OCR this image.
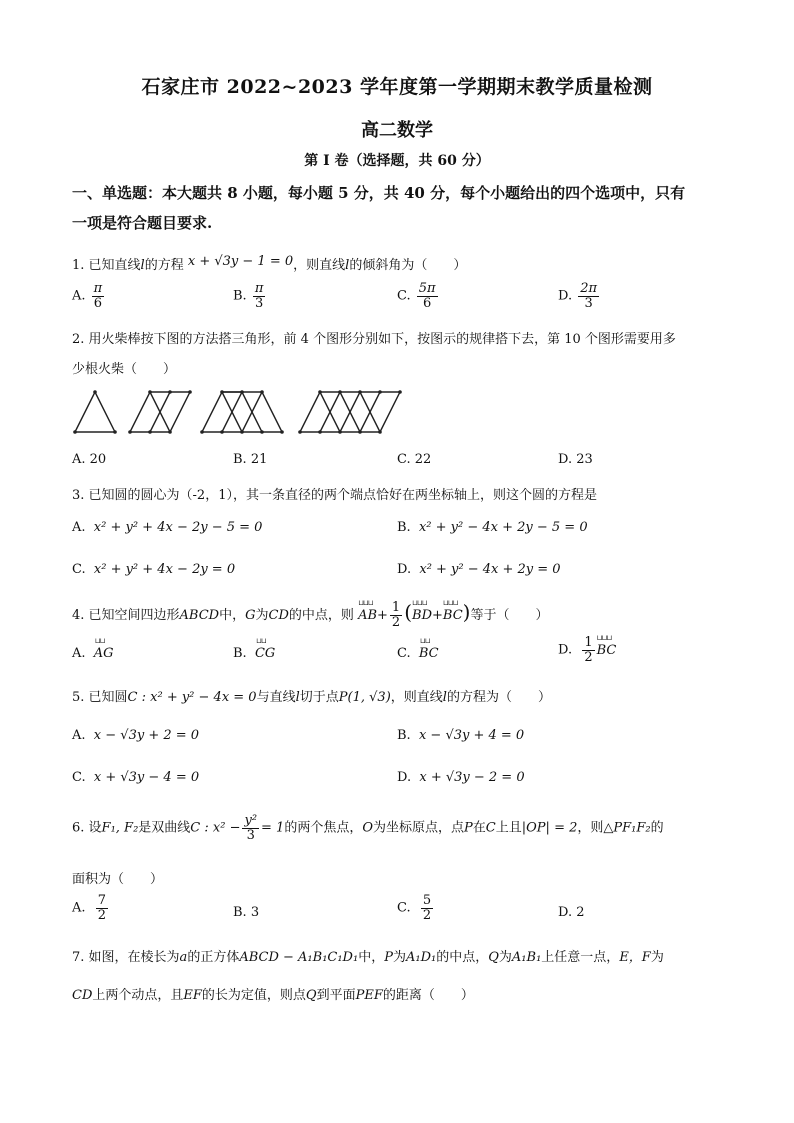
石家庄市 2022~2023 学年度第一学期期末教学质量检测
高二数学
第 I 卷（选择题，共 60 分）
一、单选题：本大题共 8 小题，每小题 5 分，共 40 分，每个小题给出的四个选项中，只有
一项是符合题目要求.
1. 已知直线l的方程 x + √3y − 1 = 0，则直线l的倾斜角为（　　）
A. $\frac{\pi}{6}$	B. $\frac{\pi}{3}$	C. $\frac{5\pi}{6}$	D. $\frac{2\pi}{3}$
2. 用火柴棒按下图的方法搭三角形，前 4 个图形分别如下，按图示的规律搭下去，第 10 个图形需要用多
少根火柴（　　）
A. 20	B. 21	C. 22	D. 23
3. 已知圆的圆心为（-2，1），其一条直径的两个端点恰好在两坐标轴上，则这个圆的方程是
A. x² + y² + 4x − 2y − 5 = 0	B. x² + y² − 4x + 2y − 5 = 0
C. x² + y² + 4x − 2y = 0	D. x² + y² − 4x + 2y = 0
4. 已知空间四边形ABCD中，G为CD的中点，则 ⊔⊔⊔ $AB+ \frac{1}{2}$ (⊔⊔⊔ BD+⊔⊔⊔ BC)等于（　　）
A. ⊔⊔ AG	B. ⊔⊔ CG	C. ⊔⊔ BC	D. $\frac{1}{2}$ ⊔⊔⊔ BC
5. 已知圆C : x² + y² − 4x = 0与直线l切于点P(1, √3)，则直线l的方程为（　　）
A. x − √3y + 2 = 0	B. x − √3y + 4 = 0
C. x + √3y − 4 = 0	D. x + √3y − 2 = 0
6. 设F₁, F₂是双曲线C : $x^2 - \frac{\text{y²}}{3} = 1$的两个焦点，O为坐标原点，点P在C上且|OP| = 2，则△PF₁F₂的
面积为（　　）
A. $\frac{7}{2}$	B. 3	C. $\frac{5}{2}$	D. 2
7. 如图，在棱长为a的正方体ABCD − A₁B₁C₁D₁中，P为A₁D₁的中点，Q为A₁B₁上任意一点，E，F为
CD上两个动点，且EF的长为定值，则点Q到平面PEF的距离（　　）
